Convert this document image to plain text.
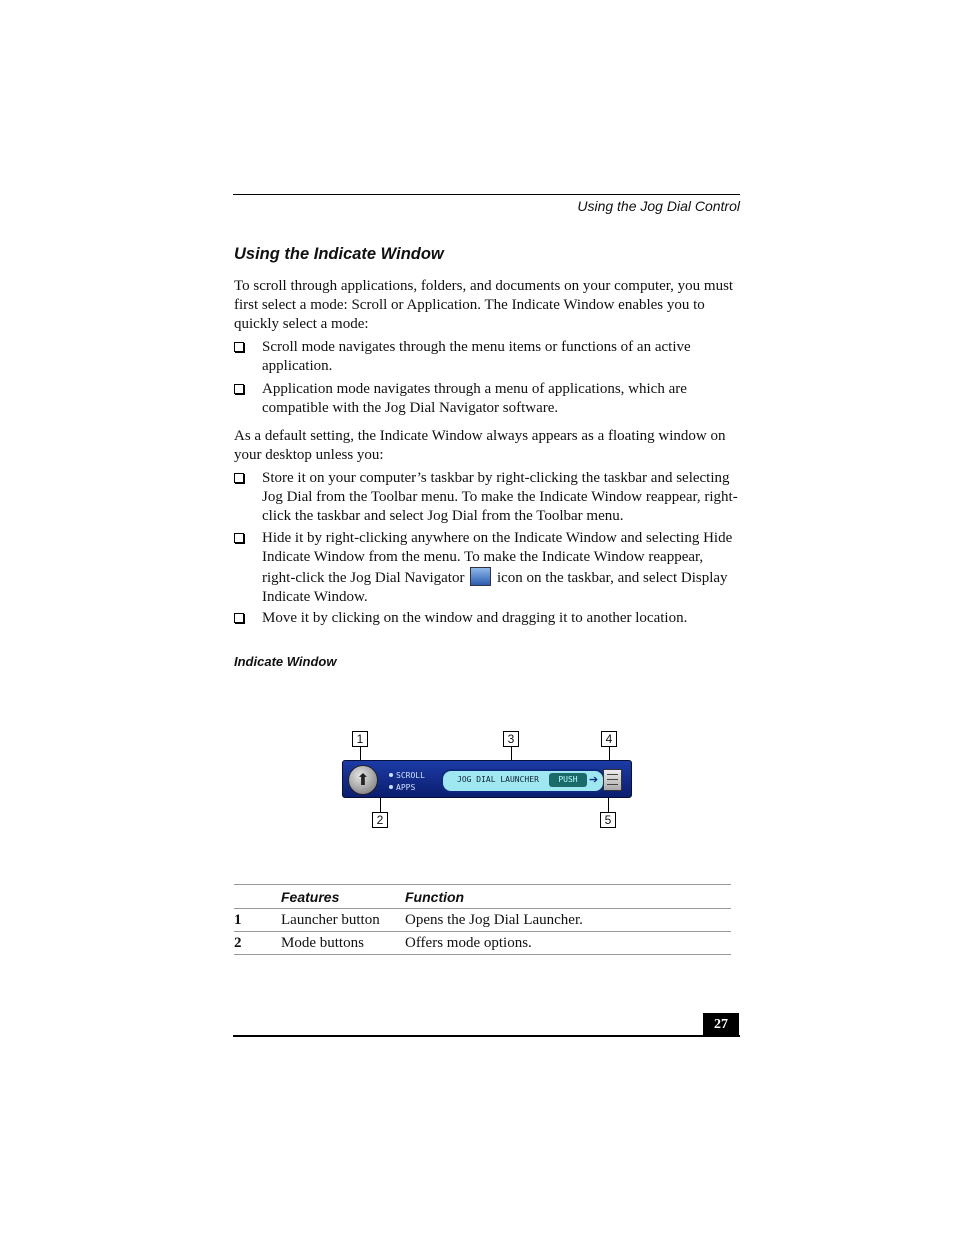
Using the Jog Dial Control
Using the Indicate Window

To scroll through applications, folders, and documents on your computer, you must first select a mode: Scroll or Application. The Indicate Window enables you to quickly select a mode:

Scroll mode navigates through the menu items or functions of an active application.
Application mode navigates through a menu of applications, which are compatible with the Jog Dial Navigator software.

As a default setting, the Indicate Window always appears as a floating window on your desktop unless you:

Store it on your computer’s taskbar by right-clicking the taskbar and selecting Jog Dial from the Toolbar menu. To make the Indicate Window reappear, right-click the taskbar and select Jog Dial from the Toolbar menu.
Hide it by right-clicking anywhere on the Indicate Window and selecting Hide Indicate Window from the menu. To make the Indicate Window reappear, right-click the Jog Dial Navigator icon on the taskbar, and select Display Indicate Window.
Move it by clicking on the window and dragging it to another location.
Indicate Window
1	3	4
2	5
⬆	SCROLL
APPS
JOG DIAL LAUNCHER	PUSH	➔
	Features	Function
1	Launcher button	Opens the Jog Dial Launcher.
2	Mode buttons	Offers mode options.
27
